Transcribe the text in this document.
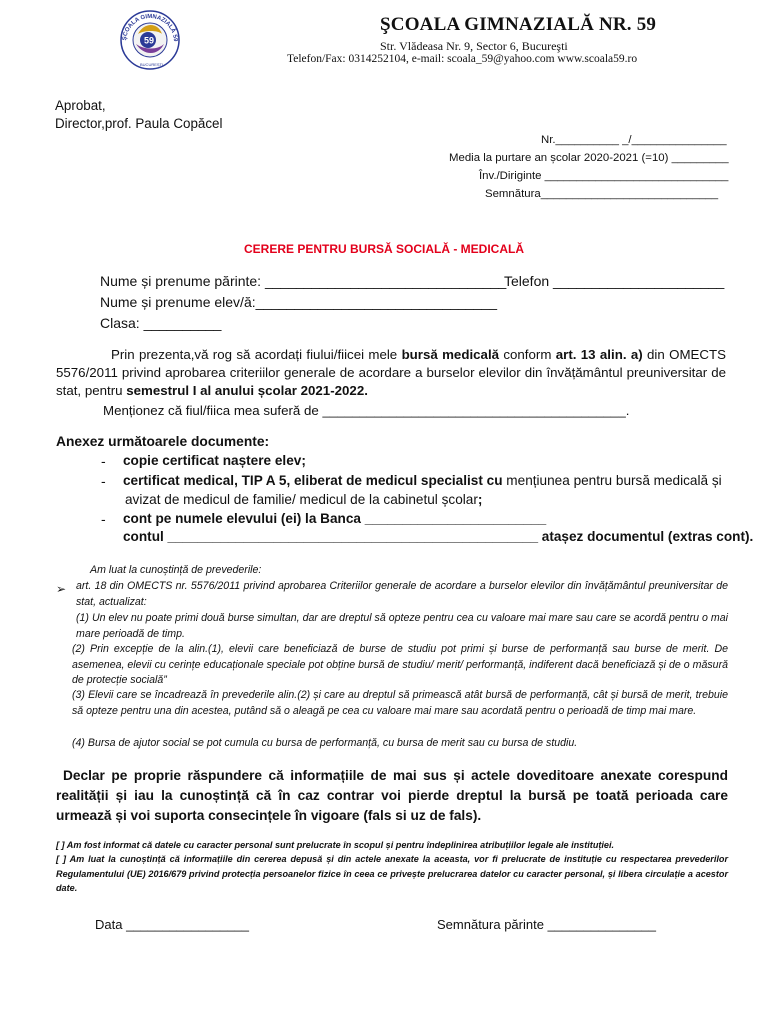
59
ȘCOALA GIMNAZIALĂ 59
BUCUREȘTI
ŞCOALA GIMNAZIALĂ NR. 59
Str. Vlădeasa Nr. 9, Sector 6, Bucureşti
Telefon/Fax: 0314252104, e-mail: scoala_59@yahoo.com www.scoala59.ro
Aprobat,
Director,prof. Paula Copăcel
Nr.__________ _/_______________
Media la purtare an școlar 2020-2021 (=10) _________
Înv./Diriginte _____________________________
Semnătura____________________________
CERERE PENTRU BURSĂ SOCIALĂ - MEDICALĂ
Nume și prenume părinte: _______________________________
Telefon ______________________
Nume și prenume elev/ă:_______________________________
Clasa: __________
Prin prezenta,vă rog să acordați fiului/fiicei mele bursă medicală conform art. 13 alin. a) din OMECTS 5576/2011 privind aprobarea criteriilor generale de acordare a burselor elevilor din învățământul preuniversitar de stat, pentru semestrul I al anului școlar 2021-2022.
Menționez că fiul/fiica mea suferă de _________________________________________.
Anexez următoarele documente:
- copie certificat naștere elev;
- certificat medical, TIP A 5, eliberat de medicul specialist cu mențiunea pentru bursă medicală și
avizat de medicul de familie/ medicul de la cabinetul școlar;
- cont pe numele elevului (ei) la Banca ________________________
contul _________________________________________________ atașez documentul (extras cont).
Am luat la cunoștință de prevederile:
➢ art. 18 din OMECTS nr. 5576/2011 privind aprobarea Criteriilor generale de acordare a burselor elevilor din învățământul preuniversitar de stat, actualizat:
(1) Un elev nu poate primi două burse simultan, dar are dreptul să opteze pentru cea cu valoare mai mare sau care se acordă pentru o mai mare perioadă de timp.
(2) Prin excepție de la alin.(1), elevii care beneficiază de burse de studiu pot primi și burse de performanță sau burse de merit. De asemenea, elevii cu cerințe educaționale speciale pot obține bursă de studiu/ merit/ performanță, indiferent dacă beneficiază și de o măsură de protecție socială”
(3) Elevii care se încadrează în prevederile alin.(2) și care au dreptul să primească atât bursă de performanță, cât și bursă de merit, trebuie să opteze pentru una din acestea, putând să o aleagă pe cea cu valoare mai mare sau acordată pentru o perioadă de timp mai mare.
(4) Bursa de ajutor social se pot cumula cu bursa de performanță, cu bursa de merit sau cu bursa de studiu.
Declar pe proprie răspundere că informațiile de mai sus și actele doveditoare anexate corespund realității și iau la cunoștință că în caz contrar voi pierde dreptul la bursă pe toată perioada care urmează și voi suporta consecințele în vigoare (fals si uz de fals).
[ ] Am fost informat că datele cu caracter personal sunt prelucrate în scopul și pentru îndeplinirea atribuțiilor legale ale instituției.
[ ] Am luat la cunoștință că informațiile din cererea depusă și din actele anexate la aceasta, vor fi prelucrate de instituție cu respectarea prevederilor Regulamentului (UE) 2016/679 privind protecția persoanelor fizice în ceea ce privește prelucrarea datelor cu caracter personal, și libera circulație a acestor date.
Data _________________	Semnătura părinte _______________
